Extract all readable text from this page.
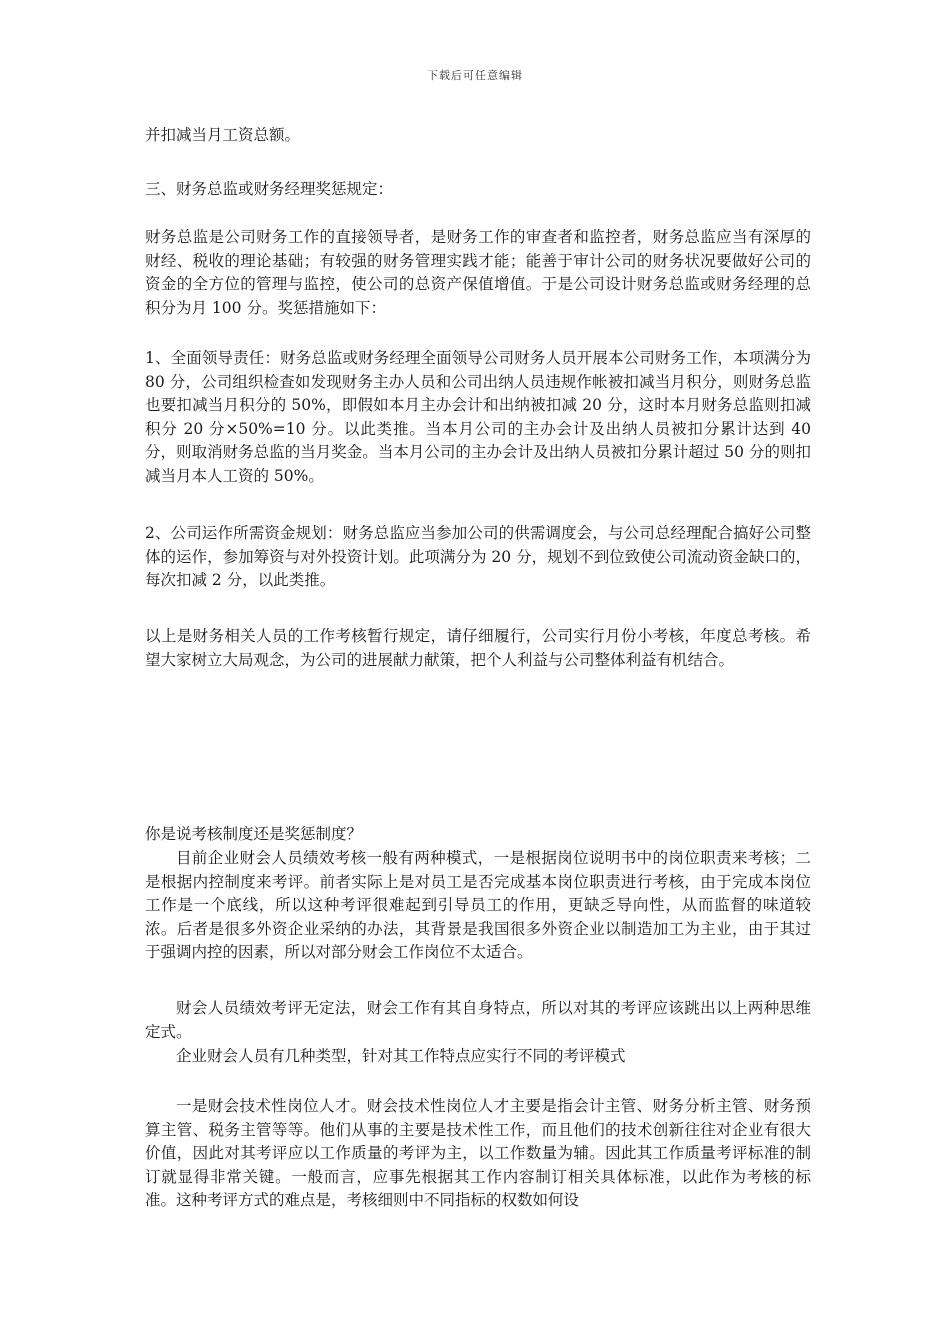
下载后可任意编辑

并扣减当月工资总额。

三、财务总监或财务经理奖惩规定：

财务总监是公司财务工作的直接领导者，是财务工作的审查者和监控者，财务总监应当有深厚的财经、税收的理论基础；有较强的财务管理实践才能；能善于审计公司的财务状况要做好公司的资金的全方位的管理与监控，使公司的总资产保值增值。于是公司设计财务总监或财务经理的总积分为月 100 分。奖惩措施如下：

1、全面领导责任：财务总监或财务经理全面领导公司财务人员开展本公司财务工作，本项满分为 80 分，公司组织检查如发现财务主办人员和公司出纳人员违规作帐被扣减当月积分，则财务总监也要扣减当月积分的 50%，即假如本月主办会计和出纳被扣减 20 分，这时本月财务总监则扣减积分 20 分×50%=10 分。以此类推。当本月公司的主办会计及出纳人员被扣分累计达到 40 分，则取消财务总监的当月奖金。当本月公司的主办会计及出纳人员被扣分累计超过 50 分的则扣减当月本人工资的 50%。

2、公司运作所需资金规划：财务总监应当参加公司的供需调度会，与公司总经理配合搞好公司整体的运作，参加筹资与对外投资计划。此项满分为 20 分，规划不到位致使公司流动资金缺口的，每次扣减 2 分，以此类推。

以上是财务相关人员的工作考核暂行规定，请仔细履行，公司实行月份小考核，年度总考核。希望大家树立大局观念，为公司的进展献力献策，把个人利益与公司整体利益有机结合。

你是说考核制度还是奖惩制度？

目前企业财会人员绩效考核一般有两种模式，一是根据岗位说明书中的岗位职责来考核；二是根据内控制度来考评。前者实际上是对员工是否完成基本岗位职责进行考核，由于完成本岗位工作是一个底线，所以这种考评很难起到引导员工的作用，更缺乏导向性，从而监督的味道较浓。后者是很多外资企业采纳的办法，其背景是我国很多外资企业以制造加工为主业，由于其过于强调内控的因素，所以对部分财会工作岗位不太适合。

财会人员绩效考评无定法，财会工作有其自身特点，所以对其的考评应该跳出以上两种思维定式。

企业财会人员有几种类型，针对其工作特点应实行不同的考评模式

一是财会技术性岗位人才。财会技术性岗位人才主要是指会计主管、财务分析主管、财务预算主管、税务主管等等。他们从事的主要是技术性工作，而且他们的技术创新往往对企业有很大价值，因此对其考评应以工作质量的考评为主，以工作数量为辅。因此其工作质量考评标准的制订就显得非常关键。一般而言，应事先根据其工作内容制订相关具体标准，以此作为考核的标准。这种考评方式的难点是，考核细则中不同指标的权数如何设
